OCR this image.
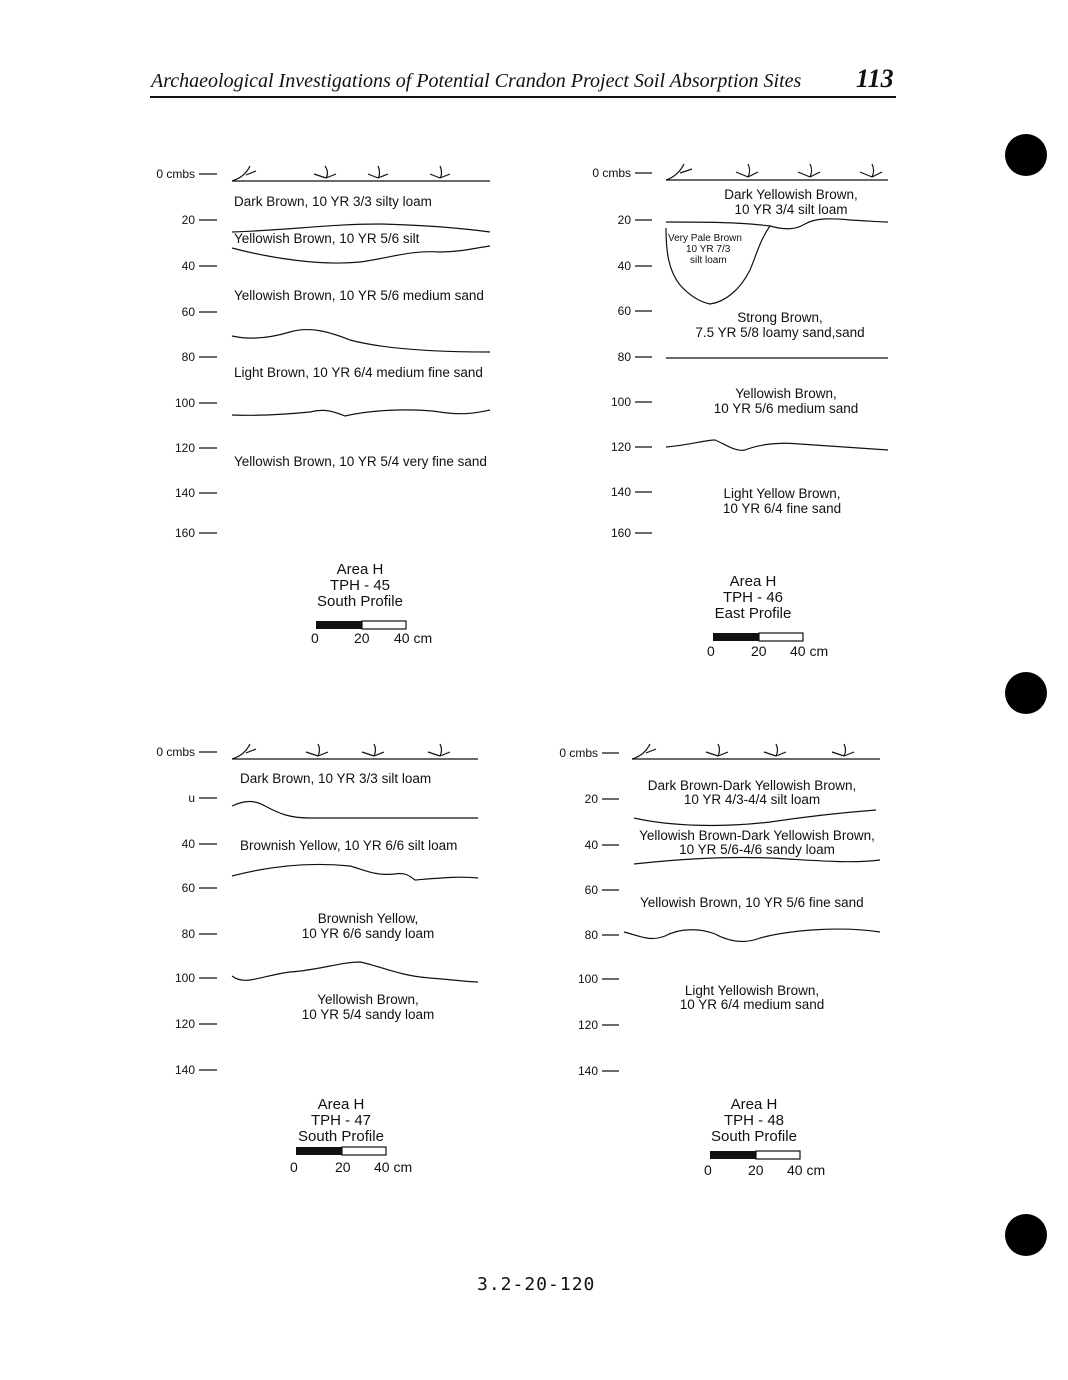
Archaeological Investigations of Potential Crandon Project Soil Absorption Sites 113
0 cmbs
20
40
60
80
100
120
140
160
Dark Brown, 10 YR 3/3 silty loam
Yellowish Brown, 10 YR 5/6 silt
Yellowish Brown, 10 YR 5/6 medium sand
Light Brown, 10 YR 6/4 medium fine sand
Yellowish Brown, 10 YR 5/4 very fine sand
Area H
TPH - 45
South Profile
0	20 40 cm
0 cmbs
20
40
60
80
100
120
140
160
Dark Yellowish Brown,
10 YR 3/4 silt loam
Very Pale Brown
10 YR 7/3
silt loam
Strong Brown,
7.5 YR 5/8 loamy sand,sand
Yellowish Brown,
10 YR 5/6 medium sand
Light Yellow Brown,
10 YR 6/4 fine sand
Area H
TPH - 46
East Profile
0	20 40 cm
0 cmbs
u
40
60
80
100
120
140
Dark Brown, 10 YR 3/3 silt loam
Brownish Yellow, 10 YR 6/6 silt loam
Brownish Yellow,
10 YR 6/6 sandy loam
Yellowish Brown,
10 YR 5/4 sandy loam
Area H
TPH - 47
South Profile
0	20 40 cm
0 cmbs
20
40
60
80
100
120
140
Dark Brown-Dark Yellowish Brown,
10 YR 4/3-4/4 silt loam
Yellowish Brown-Dark Yellowish Brown,
10 YR 5/6-4/6 sandy loam
Yellowish Brown, 10 YR 5/6 fine sand
Light Yellowish Brown,
10 YR 6/4 medium sand
Area H
TPH - 48
South Profile
0	20 40 cm
3.2-20-120
